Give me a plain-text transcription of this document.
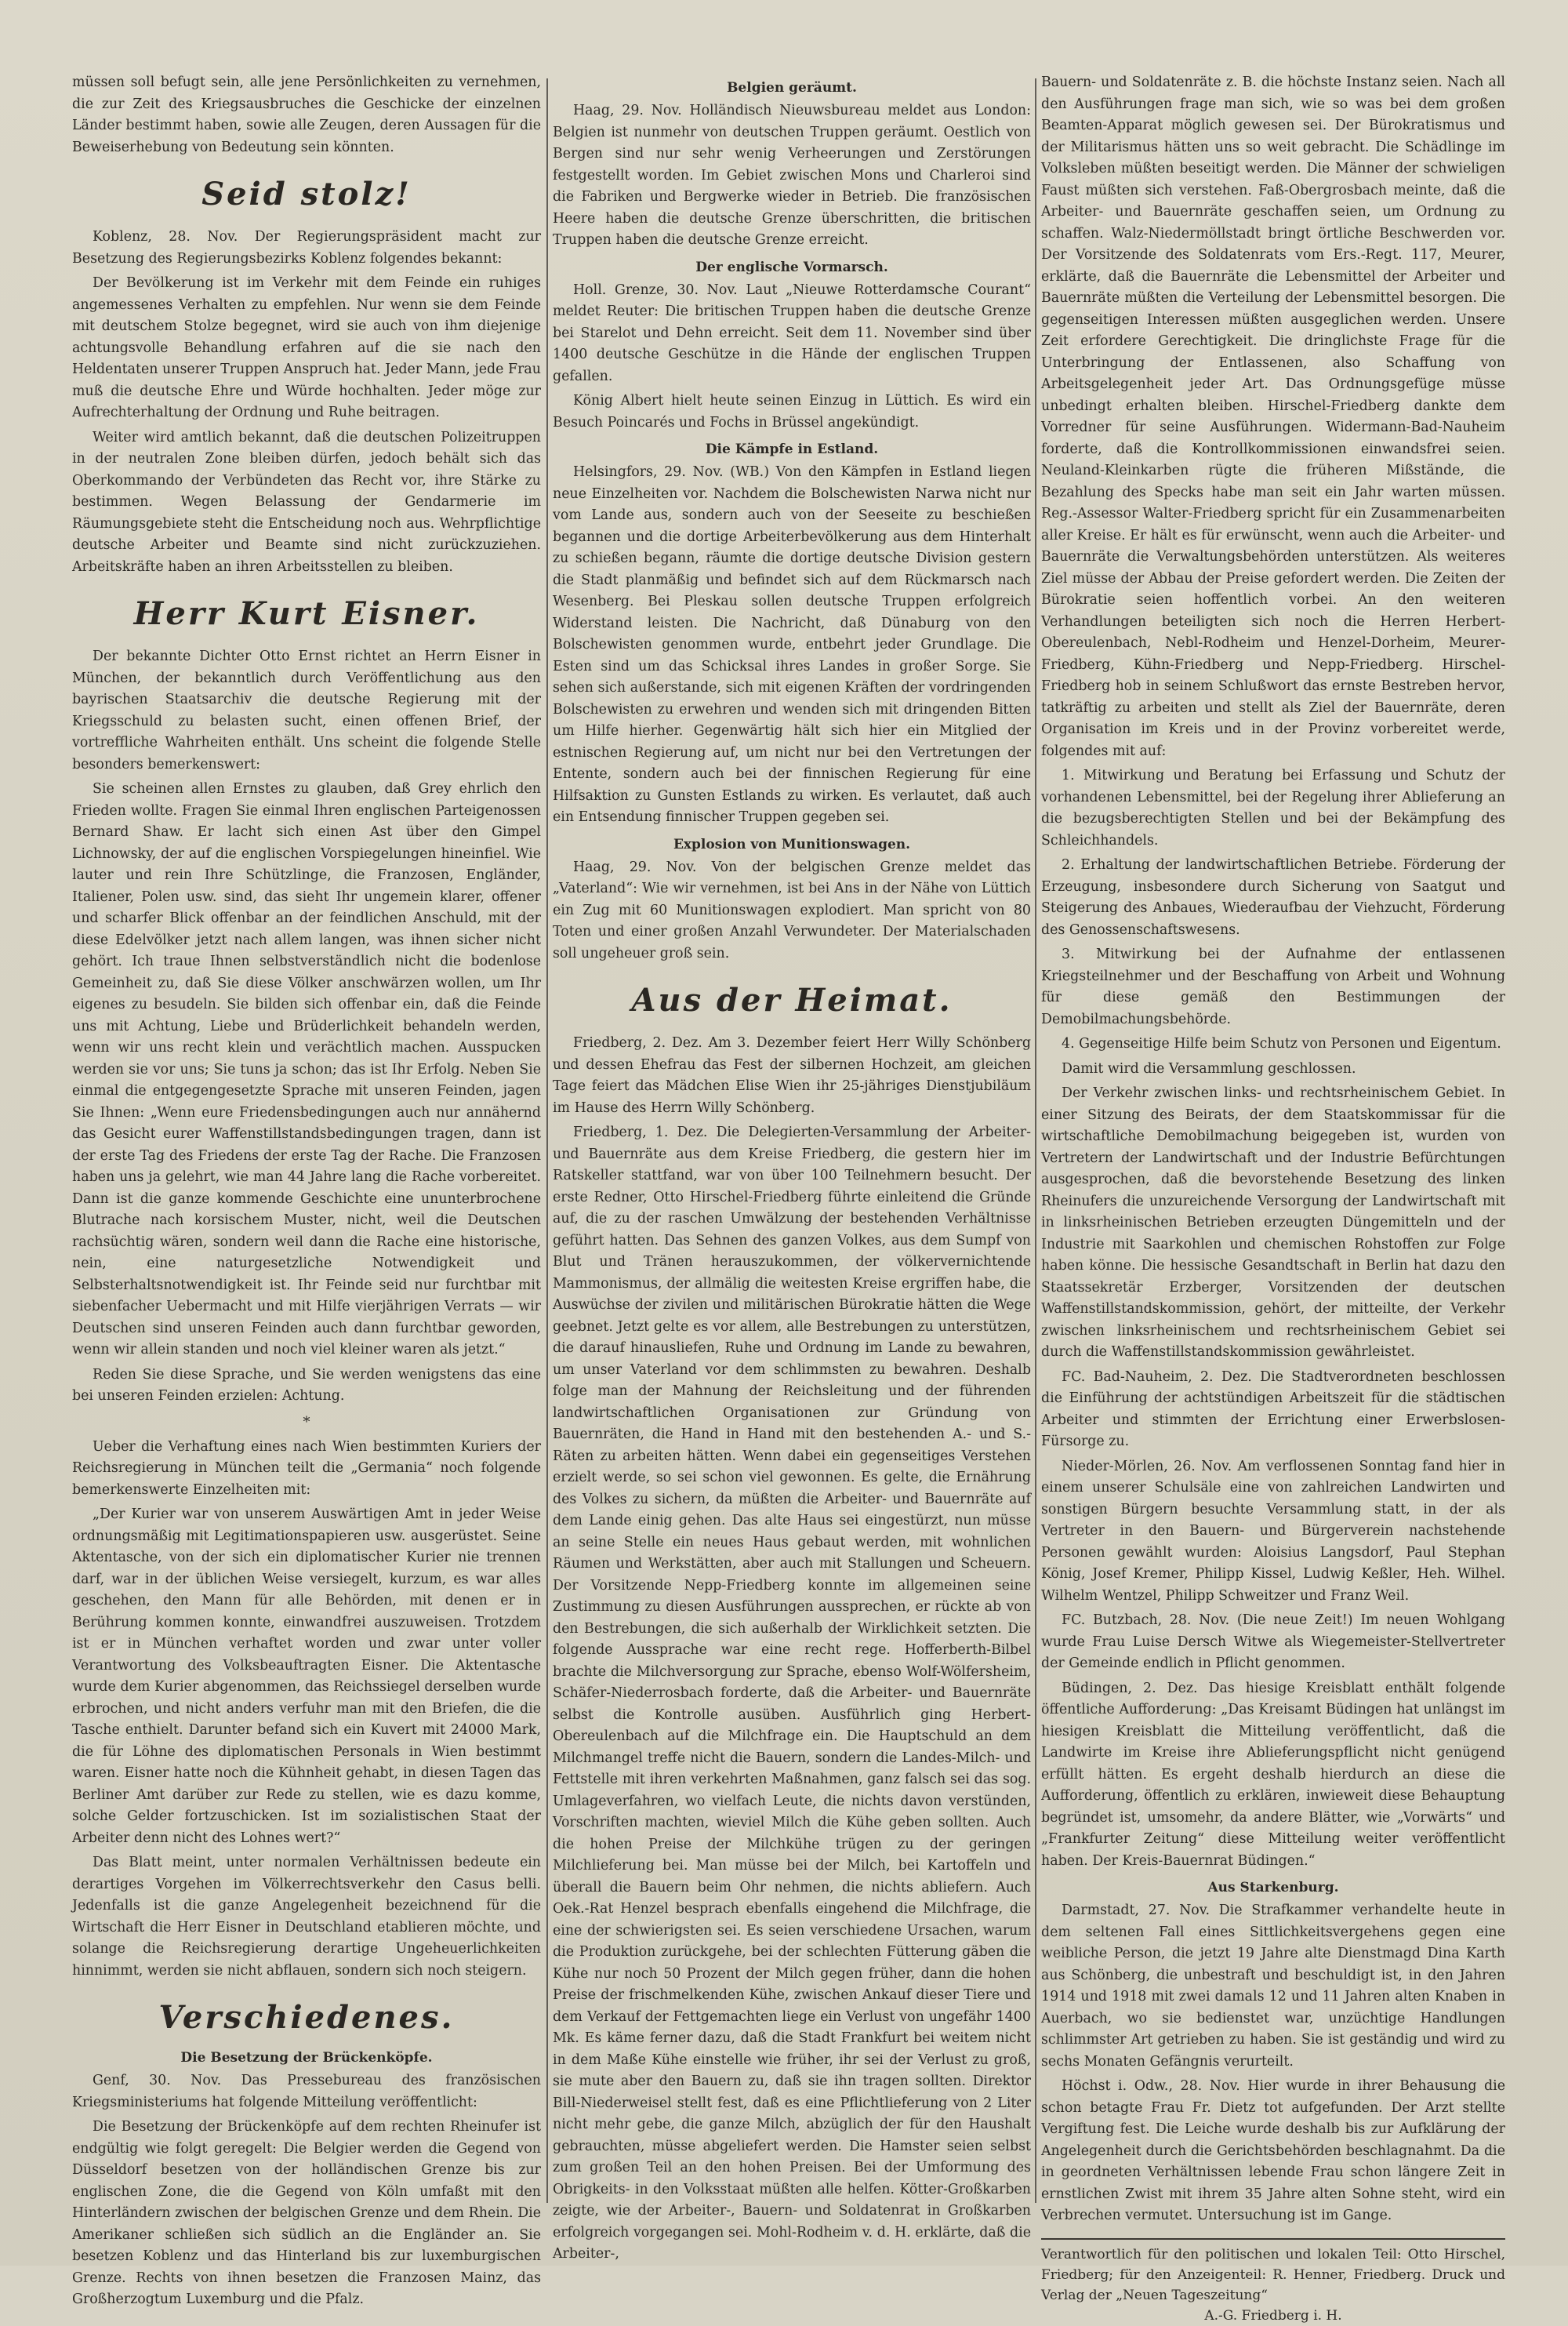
müssen soll befugt sein, alle jene Persönlichkeiten zu vernehmen, die zur Zeit des Kriegsausbruches die Geschicke der einzelnen Länder bestimmt haben, sowie alle Zeugen, deren Aussagen für die Beweiserhebung von Bedeutung sein könnten.

Seid stolz!

Koblenz, 28. Nov. Der Regierungspräsident macht zur Besetzung des Regierungsbezirks Koblenz folgendes bekannt:

Der Bevölkerung ist im Verkehr mit dem Feinde ein ruhiges angemessenes Verhalten zu empfehlen. Nur wenn sie dem Feinde mit deutschem Stolze begegnet, wird sie auch von ihm diejenige achtungsvolle Behandlung erfahren auf die sie nach den Heldentaten unserer Truppen Anspruch hat. Jeder Mann, jede Frau muß die deutsche Ehre und Würde hochhalten. Jeder möge zur Aufrechterhaltung der Ordnung und Ruhe beitragen.

Weiter wird amtlich bekannt, daß die deutschen Polizeitruppen in der neutralen Zone bleiben dürfen, jedoch behält sich das Oberkommando der Verbündeten das Recht vor, ihre Stärke zu bestimmen. Wegen Belassung der Gendarmerie im Räumungsgebiete steht die Entscheidung noch aus. Wehrpflichtige deutsche Arbeiter und Beamte sind nicht zurückzuziehen. Arbeitskräfte haben an ihren Arbeitsstellen zu bleiben.

Herr Kurt Eisner.

Der bekannte Dichter Otto Ernst richtet an Herrn Eisner in München, der bekanntlich durch Veröffentlichung aus den bayrischen Staatsarchiv die deutsche Regierung mit der Kriegsschuld zu belasten sucht, einen offenen Brief, der vortreffliche Wahrheiten enthält. Uns scheint die folgende Stelle besonders bemerkenswert:

Sie scheinen allen Ernstes zu glauben, daß Grey ehrlich den Frieden wollte. Fragen Sie einmal Ihren englischen Parteigenossen Bernard Shaw. Er lacht sich einen Ast über den Gimpel Lichnowsky, der auf die englischen Vorspiegelungen hineinfiel. Wie lauter und rein Ihre Schützlinge, die Franzosen, Engländer, Italiener, Polen usw. sind, das sieht Ihr ungemein klarer, offener und scharfer Blick offenbar an der feindlichen Anschuld, mit der diese Edelvölker jetzt nach allem langen, was ihnen sicher nicht gehört. Ich traue Ihnen selbstverständlich nicht die bodenlose Gemeinheit zu, daß Sie diese Völker anschwärzen wollen, um Ihr eigenes zu besudeln. Sie bilden sich offenbar ein, daß die Feinde uns mit Achtung, Liebe und Brüderlichkeit behandeln werden, wenn wir uns recht klein und verächtlich machen. Ausspucken werden sie vor uns; Sie tuns ja schon; das ist Ihr Erfolg. Neben Sie einmal die entgegengesetzte Sprache mit unseren Feinden, jagen Sie Ihnen: „Wenn eure Friedensbedingungen auch nur annähernd das Gesicht eurer Waffenstillstandsbedingungen tragen, dann ist der erste Tag des Friedens der erste Tag der Rache. Die Franzosen haben uns ja gelehrt, wie man 44 Jahre lang die Rache vorbereitet. Dann ist die ganze kommende Geschichte eine ununterbrochene Blutrache nach korsischem Muster, nicht, weil die Deutschen rachsüchtig wären, sondern weil dann die Rache eine historische, nein, eine naturgesetzliche Notwendigkeit und Selbsterhaltsnotwendigkeit ist. Ihr Feinde seid nur furchtbar mit siebenfacher Uebermacht und mit Hilfe vierjährigen Verrats — wir Deutschen sind unseren Feinden auch dann furchtbar geworden, wenn wir allein standen und noch viel kleiner waren als jetzt.“

Reden Sie diese Sprache, und Sie werden wenigstens das eine bei unseren Feinden erzielen: Achtung.

*

Ueber die Verhaftung eines nach Wien bestimmten Kuriers der Reichsregierung in München teilt die „Germania“ noch folgende bemerkenswerte Einzelheiten mit:

„Der Kurier war von unserem Auswärtigen Amt in jeder Weise ordnungsmäßig mit Legitimationspapieren usw. ausgerüstet. Seine Aktentasche, von der sich ein diplomatischer Kurier nie trennen darf, war in der üblichen Weise versiegelt, kurzum, es war alles geschehen, den Mann für alle Behörden, mit denen er in Berührung kommen konnte, einwandfrei auszuweisen. Trotzdem ist er in München verhaftet worden und zwar unter voller Verantwortung des Volksbeauftragten Eisner. Die Aktentasche wurde dem Kurier abgenommen, das Reichssiegel derselben wurde erbrochen, und nicht anders verfuhr man mit den Briefen, die die Tasche enthielt. Darunter befand sich ein Kuvert mit 24000 Mark, die für Löhne des diplomatischen Personals in Wien bestimmt waren. Eisner hatte noch die Kühnheit gehabt, in diesen Tagen das Berliner Amt darüber zur Rede zu stellen, wie es dazu komme, solche Gelder fortzuschicken. Ist im sozialistischen Staat der Arbeiter denn nicht des Lohnes wert?“

Das Blatt meint, unter normalen Verhältnissen bedeute ein derartiges Vorgehen im Völkerrechtsverkehr den Casus belli. Jedenfalls ist die ganze Angelegenheit bezeichnend für die Wirtschaft die Herr Eisner in Deutschland etablieren möchte, und solange die Reichsregierung derartige Ungeheuerlichkeiten hinnimmt, werden sie nicht abflauen, sondern sich noch steigern.

Verschiedenes.
Die Besetzung der Brückenköpfe.

Genf, 30. Nov. Das Pressebureau des französischen Kriegsministeriums hat folgende Mitteilung veröffentlicht:

Die Besetzung der Brückenköpfe auf dem rechten Rheinufer ist endgültig wie folgt geregelt: Die Belgier werden die Gegend von Düsseldorf besetzen von der holländischen Grenze bis zur englischen Zone, die die Gegend von Köln umfaßt mit den Hinterländern zwischen der belgischen Grenze und dem Rhein. Die Amerikaner schließen sich südlich an die Engländer an. Sie besetzen Koblenz und das Hinterland bis zur luxemburgischen Grenze. Rechts von ihnen besetzen die Franzosen Mainz, das Großherzogtum Luxemburg und die Pfalz.

Belgien geräumt.

Haag, 29. Nov. Holländisch Nieuwsbureau meldet aus London: Belgien ist nunmehr von deutschen Truppen geräumt. Oestlich von Bergen sind nur sehr wenig Verheerungen und Zerstörungen festgestellt worden. Im Gebiet zwischen Mons und Charleroi sind die Fabriken und Bergwerke wieder in Betrieb. Die französischen Heere haben die deutsche Grenze überschritten, die britischen Truppen haben die deutsche Grenze erreicht.

Der englische Vormarsch.

Holl. Grenze, 30. Nov. Laut „Nieuwe Rotterdamsche Courant“ meldet Reuter: Die britischen Truppen haben die deutsche Grenze bei Starelot und Dehn erreicht. Seit dem 11. November sind über 1400 deutsche Geschütze in die Hände der englischen Truppen gefallen.

König Albert hielt heute seinen Einzug in Lüttich. Es wird ein Besuch Poincarés und Fochs in Brüssel angekündigt.

Die Kämpfe in Estland.

Helsingfors, 29. Nov. (WB.) Von den Kämpfen in Estland liegen neue Einzelheiten vor. Nachdem die Bolschewisten Narwa nicht nur vom Lande aus, sondern auch von der Seeseite zu beschießen begannen und die dortige Arbeiterbevölkerung aus dem Hinterhalt zu schießen begann, räumte die dortige deutsche Division gestern die Stadt planmäßig und befindet sich auf dem Rückmarsch nach Wesenberg. Bei Pleskau sollen deutsche Truppen erfolgreich Widerstand leisten. Die Nachricht, daß Dünaburg von den Bolschewisten genommen wurde, entbehrt jeder Grundlage. Die Esten sind um das Schicksal ihres Landes in großer Sorge. Sie sehen sich außerstande, sich mit eigenen Kräften der vordringenden Bolschewisten zu erwehren und wenden sich mit dringenden Bitten um Hilfe hierher. Gegenwärtig hält sich hier ein Mitglied der estnischen Regierung auf, um nicht nur bei den Vertretungen der Entente, sondern auch bei der finnischen Regierung für eine Hilfsaktion zu Gunsten Estlands zu wirken. Es verlautet, daß auch ein Entsendung finnischer Truppen gegeben sei.

Explosion von Munitionswagen.

Haag, 29. Nov. Von der belgischen Grenze meldet das „Vaterland“: Wie wir vernehmen, ist bei Ans in der Nähe von Lüttich ein Zug mit 60 Munitionswagen explodiert. Man spricht von 80 Toten und einer großen Anzahl Verwundeter. Der Materialschaden soll ungeheuer groß sein.

Aus der Heimat.

Friedberg, 2. Dez. Am 3. Dezember feiert Herr Willy Schönberg und dessen Ehefrau das Fest der silbernen Hochzeit, am gleichen Tage feiert das Mädchen Elise Wien ihr 25-jähriges Dienstjubiläum im Hause des Herrn Willy Schönberg.

Friedberg, 1. Dez. Die Delegierten-Versammlung der Arbeiter- und Bauernräte aus dem Kreise Friedberg, die gestern hier im Ratskeller stattfand, war von über 100 Teilnehmern besucht. Der erste Redner, Otto Hirschel-Friedberg führte einleitend die Gründe auf, die zu der raschen Umwälzung der bestehenden Verhältnisse geführt hatten. Das Sehnen des ganzen Volkes, aus dem Sumpf von Blut und Tränen herauszukommen, der völkervernichtende Mammonismus, der allmälig die weitesten Kreise ergriffen habe, die Auswüchse der zivilen und militärischen Bürokratie hätten die Wege geebnet. Jetzt gelte es vor allem, alle Bestrebungen zu unterstützen, die darauf hinausliefen, Ruhe und Ordnung im Lande zu bewahren, um unser Vaterland vor dem schlimmsten zu bewahren. Deshalb folge man der Mahnung der Reichsleitung und der führenden landwirtschaftlichen Organisationen zur Gründung von Bauernräten, die Hand in Hand mit den bestehenden A.- und S.-Räten zu arbeiten hätten. Wenn dabei ein gegenseitiges Verstehen erzielt werde, so sei schon viel gewonnen. Es gelte, die Ernährung des Volkes zu sichern, da müßten die Arbeiter- und Bauernräte auf dem Lande einig gehen. Das alte Haus sei eingestürzt, nun müsse an seine Stelle ein neues Haus gebaut werden, mit wohnlichen Räumen und Werkstätten, aber auch mit Stallungen und Scheuern. Der Vorsitzende Nepp-Friedberg konnte im allgemeinen seine Zustimmung zu diesen Ausführungen aussprechen, er rückte ab von den Bestrebungen, die sich außerhalb der Wirklichkeit setzten. Die folgende Aussprache war eine recht rege. Hofferberth-Bilbel brachte die Milchversorgung zur Sprache, ebenso Wolf-Wölfersheim, Schäfer-Niederrosbach forderte, daß die Arbeiter- und Bauernräte selbst die Kontrolle ausüben. Ausführlich ging Herbert-Obereulenbach auf die Milchfrage ein. Die Hauptschuld an dem Milchmangel treffe nicht die Bauern, sondern die Landes-Milch- und Fettstelle mit ihren verkehrten Maßnahmen, ganz falsch sei das sog. Umlageverfahren, wo vielfach Leute, die nichts davon verstünden, Vorschriften machten, wieviel Milch die Kühe geben sollten. Auch die hohen Preise der Milchkühe trügen zu der geringen Milchlieferung bei. Man müsse bei der Milch, bei Kartoffeln und überall die Bauern beim Ohr nehmen, die nichts abliefern. Auch Oek.-Rat Henzel besprach ebenfalls eingehend die Milchfrage, die eine der schwierigsten sei. Es seien verschiedene Ursachen, warum die Produktion zurückgehe, bei der schlechten Fütterung gäben die Kühe nur noch 50 Prozent der Milch gegen früher, dann die hohen Preise der frischmelkenden Kühe, zwischen Ankauf dieser Tiere und dem Verkauf der Fettgemachten liege ein Verlust von ungefähr 1400 Mk. Es käme ferner dazu, daß die Stadt Frankfurt bei weitem nicht in dem Maße Kühe einstelle wie früher, ihr sei der Verlust zu groß, sie mute aber den Bauern zu, daß sie ihn tragen sollten. Direktor Bill-Niederweisel stellt fest, daß es eine Pflichtlieferung von 2 Liter nicht mehr gebe, die ganze Milch, abzüglich der für den Haushalt gebrauchten, müsse abgeliefert werden. Die Hamster seien selbst zum großen Teil an den hohen Preisen. Bei der Umformung des Obrigkeits- in den Volksstaat müßten alle helfen. Kötter-Großkarben zeigte, wie der Arbeiter-, Bauern- und Soldatenrat in Großkarben erfolgreich vorgegangen sei. Mohl-Rodheim v. d. H. erklärte, daß die Arbeiter-,

Bauern- und Soldatenräte z. B. die höchste Instanz seien. Nach all den Ausführungen frage man sich, wie so was bei dem großen Beamten-Apparat möglich gewesen sei. Der Bürokratismus und der Militarismus hätten uns so weit gebracht. Die Schädlinge im Volksleben müßten beseitigt werden. Die Männer der schwieligen Faust müßten sich verstehen. Faß-Obergrosbach meinte, daß die Arbeiter- und Bauernräte geschaffen seien, um Ordnung zu schaffen. Walz-Niedermöllstadt bringt örtliche Beschwerden vor. Der Vorsitzende des Soldatenrats vom Ers.-Regt. 117, Meurer, erklärte, daß die Bauernräte die Lebensmittel der Arbeiter und Bauernräte müßten die Verteilung der Lebensmittel besorgen. Die gegenseitigen Interessen müßten ausgeglichen werden. Unsere Zeit erfordere Gerechtigkeit. Die dringlichste Frage für die Unterbringung der Entlassenen, also Schaffung von Arbeitsgelegenheit jeder Art. Das Ordnungsgefüge müsse unbedingt erhalten bleiben. Hirschel-Friedberg dankte dem Vorredner für seine Ausführungen. Widermann-Bad-Nauheim forderte, daß die Kontrollkommissionen einwandsfrei seien. Neuland-Kleinkarben rügte die früheren Mißstände, die Bezahlung des Specks habe man seit ein Jahr warten müssen. Reg.-Assessor Walter-Friedberg spricht für ein Zusammenarbeiten aller Kreise. Er hält es für erwünscht, wenn auch die Arbeiter- und Bauernräte die Verwaltungsbehörden unterstützen. Als weiteres Ziel müsse der Abbau der Preise gefordert werden. Die Zeiten der Bürokratie seien hoffentlich vorbei. An den weiteren Verhandlungen beteiligten sich noch die Herren Herbert-Obereulenbach, Nebl-Rodheim und Henzel-Dorheim, Meurer-Friedberg, Kühn-Friedberg und Nepp-Friedberg. Hirschel-Friedberg hob in seinem Schlußwort das ernste Bestreben hervor, tatkräftig zu arbeiten und stellt als Ziel der Bauernräte, deren Organisation im Kreis und in der Provinz vorbereitet werde, folgendes mit auf:

1. Mitwirkung und Beratung bei Erfassung und Schutz der vorhandenen Lebensmittel, bei der Regelung ihrer Ablieferung an die bezugsberechtigten Stellen und bei der Bekämpfung des Schleichhandels.

2. Erhaltung der landwirtschaftlichen Betriebe. Förderung der Erzeugung, insbesondere durch Sicherung von Saatgut und Steigerung des Anbaues, Wiederaufbau der Viehzucht, Förderung des Genossenschaftswesens.

3. Mitwirkung bei der Aufnahme der entlassenen Kriegsteilnehmer und der Beschaffung von Arbeit und Wohnung für diese gemäß den Bestimmungen der Demobilmachungsbehörde.

4. Gegenseitige Hilfe beim Schutz von Personen und Eigentum.

Damit wird die Versammlung geschlossen.

Der Verkehr zwischen links- und rechtsrheinischem Gebiet. In einer Sitzung des Beirats, der dem Staatskommissar für die wirtschaftliche Demobilmachung beigegeben ist, wurden von Vertretern der Landwirtschaft und der Industrie Befürchtungen ausgesprochen, daß die bevorstehende Besetzung des linken Rheinufers die unzureichende Versorgung der Landwirtschaft mit in linksrheinischen Betrieben erzeugten Düngemitteln und der Industrie mit Saarkohlen und chemischen Rohstoffen zur Folge haben könne. Die hessische Gesandtschaft in Berlin hat dazu den Staatssekretär Erzberger, Vorsitzenden der deutschen Waffenstillstandskommission, gehört, der mitteilte, der Verkehr zwischen linksrheinischem und rechtsrheinischem Gebiet sei durch die Waffenstillstandskommission gewährleistet.

FC. Bad-Nauheim, 2. Dez. Die Stadtverordneten beschlossen die Einführung der achtstündigen Arbeitszeit für die städtischen Arbeiter und stimmten der Errichtung einer Erwerbslosen-Fürsorge zu.

Nieder-Mörlen, 26. Nov. Am verflossenen Sonntag fand hier in einem unserer Schulsäle eine von zahlreichen Landwirten und sonstigen Bürgern besuchte Versammlung statt, in der als Vertreter in den Bauern- und Bürgerverein nachstehende Personen gewählt wurden: Aloisius Langsdorf, Paul Stephan König, Josef Kremer, Philipp Kissel, Ludwig Keßler, Heh. Wilhel. Wilhelm Wentzel, Philipp Schweitzer und Franz Weil.

FC. Butzbach, 28. Nov. (Die neue Zeit!) Im neuen Wohlgang wurde Frau Luise Dersch Witwe als Wiegemeister-Stellvertreter der Gemeinde endlich in Pflicht genommen.

Büdingen, 2. Dez. Das hiesige Kreisblatt enthält folgende öffentliche Aufforderung: „Das Kreisamt Büdingen hat unlängst im hiesigen Kreisblatt die Mitteilung veröffentlicht, daß die Landwirte im Kreise ihre Ablieferungspflicht nicht genügend erfüllt hätten. Es ergeht deshalb hierdurch an diese die Aufforderung, öffentlich zu erklären, inwieweit diese Behauptung begründet ist, umsomehr, da andere Blätter, wie „Vorwärts“ und „Frankfurter Zeitung“ diese Mitteilung weiter veröffentlicht haben. Der Kreis-Bauernrat Büdingen.“

Aus Starkenburg.

Darmstadt, 27. Nov. Die Strafkammer verhandelte heute in dem seltenen Fall eines Sittlichkeitsvergehens gegen eine weibliche Person, die jetzt 19 Jahre alte Dienstmagd Dina Karth aus Schönberg, die unbestraft und beschuldigt ist, in den Jahren 1914 und 1918 mit zwei damals 12 und 11 Jahren alten Knaben in Auerbach, wo sie bedienstet war, unzüchtige Handlungen schlimmster Art getrieben zu haben. Sie ist geständig und wird zu sechs Monaten Gefängnis verurteilt.

Höchst i. Odw., 28. Nov. Hier wurde in ihrer Behausung die schon betagte Frau Fr. Dietz tot aufgefunden. Der Arzt stellte Vergiftung fest. Die Leiche wurde deshalb bis zur Aufklärung der Angelegenheit durch die Gerichtsbehörden beschlagnahmt. Da die in geordneten Verhältnissen lebende Frau schon längere Zeit in ernstlichen Zwist mit ihrem 35 Jahre alten Sohne steht, wird ein Verbrechen vermutet. Untersuchung ist im Gange.

Verantwortlich für den politischen und lokalen Teil: Otto Hirschel, Friedberg; für den Anzeigenteil: R. Henner, Friedberg. Druck und Verlag der „Neuen Tageszeitung“
A.-G. Friedberg i. H.
